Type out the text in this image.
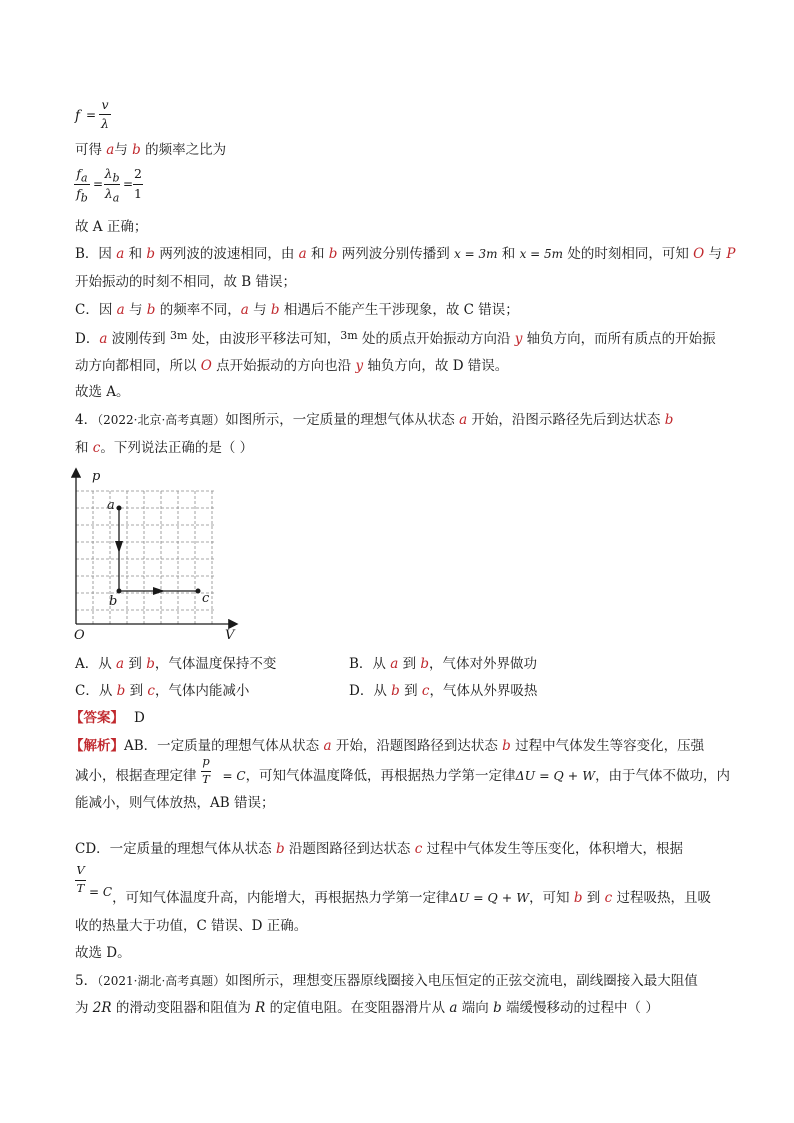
f =
v
λ
可得 a与 b 的频率之比为
$f_a$
$f_b$
=
$\lambda_b$
$\lambda_a$
=
2
1
故 A 正确；
B．因 a 和 b 两列波的波速相同，由 a 和 b 两列波分别传播到 x = 3m 和 x = 5m 处的时刻相同，可知 O 与 P
开始振动的时刻不相同，故 B 错误；
C．因 a 与 b 的频率不同，a 与 b 相遇后不能产生干涉现象，故 C 错误；
D．a 波刚传到 $^{3m}$ 处，由波形平移法可知，$^{3m}$ 处的质点开始振动方向沿 y 轴负方向，而所有质点的开始振
动方向都相同，所以 O 点开始振动的方向也沿 y 轴负方向，故 D 错误。
故选 A。
4．（2022·北京·高考真题）如图所示，一定质量的理想气体从状态 a 开始，沿图示路径先后到达状态 b
和 c。下列说法正确的是（ ）
p
V
O
a
b	c
A．从 a 到 b，气体温度保持不变	B．从 a 到 b，气体对外界做功
C．从 b 到 c，气体内能减小	D．从 b 到 c，气体从外界吸热
【答案】 D
【解析】AB．一定质量的理想气体从状态 a 开始，沿题图路径到达状态 b 过程中气体发生等容变化，压强
减小，根据查理定律 = C，可知气体温度降低，再根据热力学第一定律ΔU = Q + W，由于气体不做功，内
p
T
能减小，则气体放热，AB 错误；
CD．一定质量的理想气体从状态 b 沿题图路径到达状态 c 过程中气体发生等压变化，体积增大，根据
V
T = C，可知气体温度升高，内能增大，再根据热力学第一定律ΔU = Q + W，可知 b 到 c 过程吸热，且吸
收的热量大于功值，C 错误、D 正确。
故选 D。
5．（2021·湖北·高考真题）如图所示，理想变压器原线圈接入电压恒定的正弦交流电，副线圈接入最大阻值
为 2R 的滑动变阻器和阻值为 R 的定值电阻。在变阻器滑片从 a 端向 b 端缓慢移动的过程中（ ）
